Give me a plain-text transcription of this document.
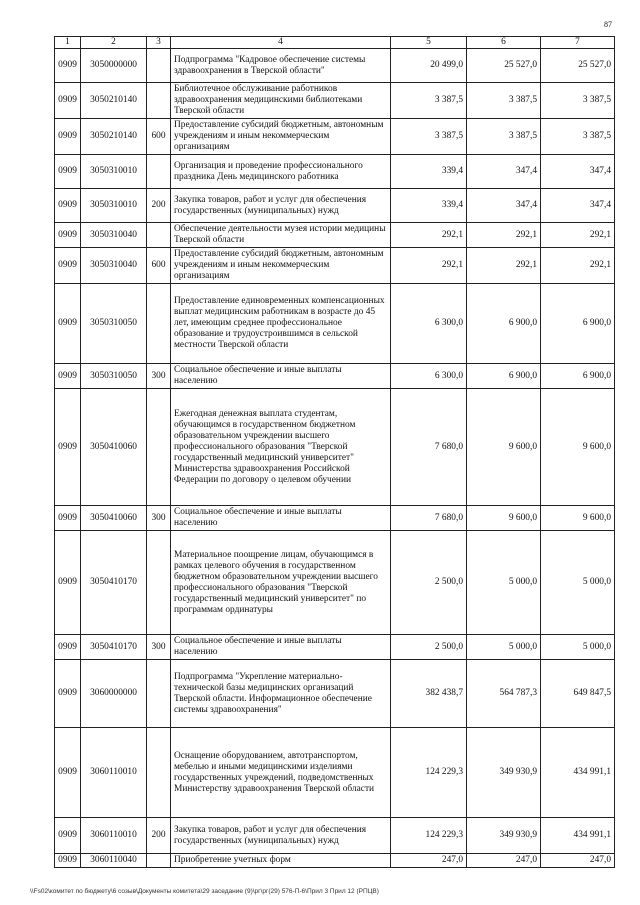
87
1	2	3	4	5	6	7
0909	3050000000		Подпрограмма "Кадровое обеспечение системы здравоохранения в Тверской области"	20 499,0	25 527,0	25 527,0
0909	3050210140		Библиотечное обслуживание работников здравоохранения медицинскими библиотеками Тверской области	3 387,5	3 387,5	3 387,5
0909	3050210140	600	Предоставление субсидий бюджетным, автономным учреждениям и иным некоммерческим организациям	3 387,5	3 387,5	3 387,5
0909	3050310010		Организация и проведение профессионального праздника День медицинского работника	339,4	347,4	347,4
0909	3050310010	200	Закупка товаров, работ и услуг для обеспечения государственных (муниципальных) нужд	339,4	347,4	347,4
0909	3050310040		Обеспечение деятельности музея истории медицины Тверской области	292,1	292,1	292,1
0909	3050310040	600	Предоставление субсидий бюджетным, автономным учреждениям и иным некоммерческим организациям	292,1	292,1	292,1
0909	3050310050		Предоставление единовременных компенсационных выплат медицинским работникам в возрасте до 45 лет, имеющим среднее профессиональное образование и трудоустроившимся в сельской местности Тверской области	6 300,0	6 900,0	6 900,0
0909	3050310050	300	Социальное обеспечение и иные выплаты населению	6 300,0	6 900,0	6 900,0
0909	3050410060		Ежегодная денежная выплата студентам, обучающимся в государственном бюджетном образовательном учреждении высшего профессионального образования "Тверской государственный медицинский университет" Министерства здравоохранения Российской Федерации по договору о целевом обучении	7 680,0	9 600,0	9 600,0
0909	3050410060	300	Социальное обеспечение и иные выплаты населению	7 680,0	9 600,0	9 600,0
0909	3050410170		Материальное поощрение лицам, обучающимся в рамках целевого обучения в государственном бюджетном образовательном учреждении высшего профессионального образования "Тверской государственный медицинский университет" по программам ординатуры	2 500,0	5 000,0	5 000,0
0909	3050410170	300	Социальное обеспечение и иные выплаты населению	2 500,0	5 000,0	5 000,0
0909	3060000000		Подпрограмма "Укрепление материально-технической базы медицинских организаций Тверской области. Информационное обеспечение системы здравоохранения"	382 438,7	564 787,3	649 847,5
0909	3060110010		Оснащение оборудованием, автотранспортом, мебелью и иными медицинскими изделиями государственных учреждений, подведомственных Министерству здравоохранения Тверской области	124 229,3	349 930,9	434 991,1
0909	3060110010	200	Закупка товаров, работ и услуг для обеспечения государственных (муниципальных) нужд	124 229,3	349 930,9	434 991,1
0909	3060110040		Приобретение учетных форм	247,0	247,0	247,0
\\Fs02\комитет по бюджету\6 созыв\Документы комитета\29 заседание (9)\рг\рг(29) 576-П-6\Прил 3 Прил 12 (РПЦВ)
